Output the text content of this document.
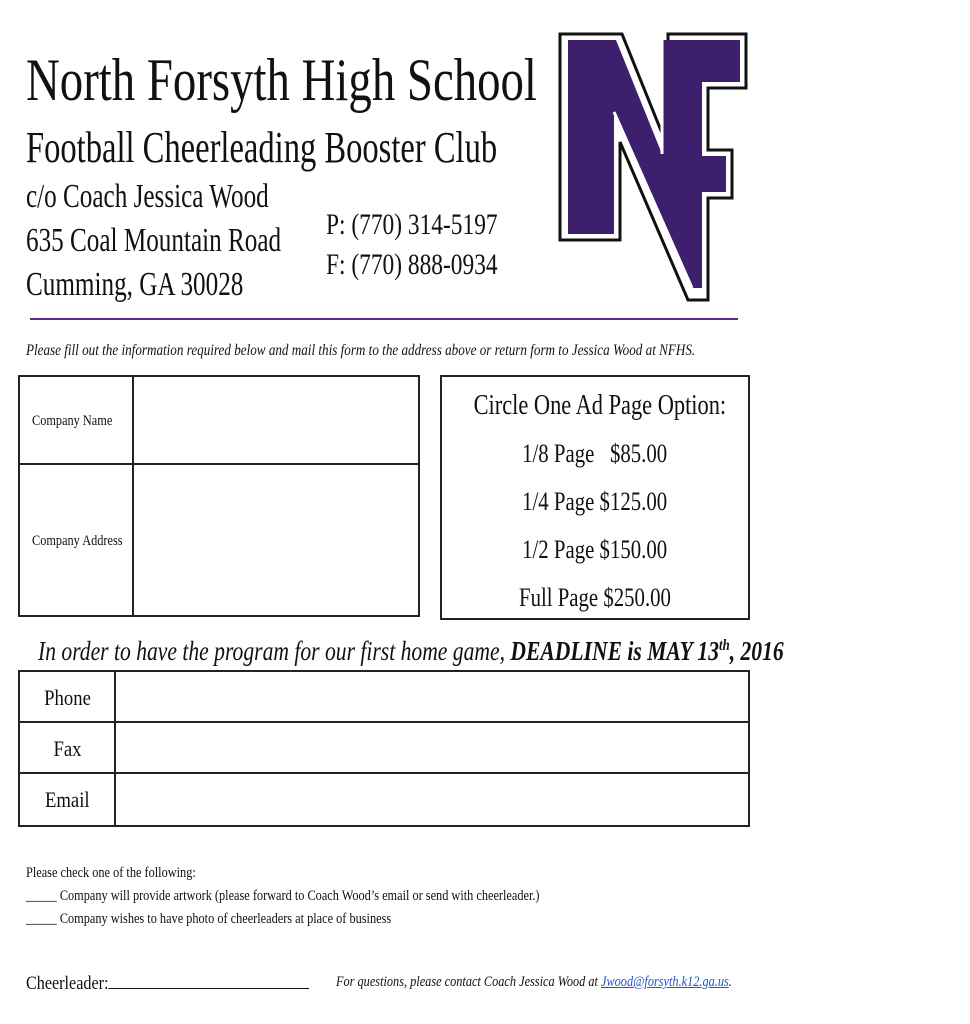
North Forsyth High School
Football Cheerleading Booster Club
c/o Coach Jessica Wood
635 Coal Mountain Road
Cumming, GA 30028
P: (770) 314-5197
F: (770) 888-0934
Please fill out the information required below and mail this form to the address above or return form to Jessica Wood at NFHS.
Company Name
Company Address
Circle One Ad Page Option:
1/8 Page   $85.00
1/4 Page $125.00
1/2 Page $150.00
Full Page $250.00
In order to have the program for our first home game, DEADLINE is MAY 13th, 2016
Phone
Fax
Email
Please check one of the following:
_____ Company will provide artwork (please forward to Coach Wood’s email or send with cheerleader.)
_____ Company wishes to have photo of cheerleaders at place of business
Cheerleader:	For questions, please contact Coach Jessica Wood at Jwood@forsyth.k12.ga.us.
